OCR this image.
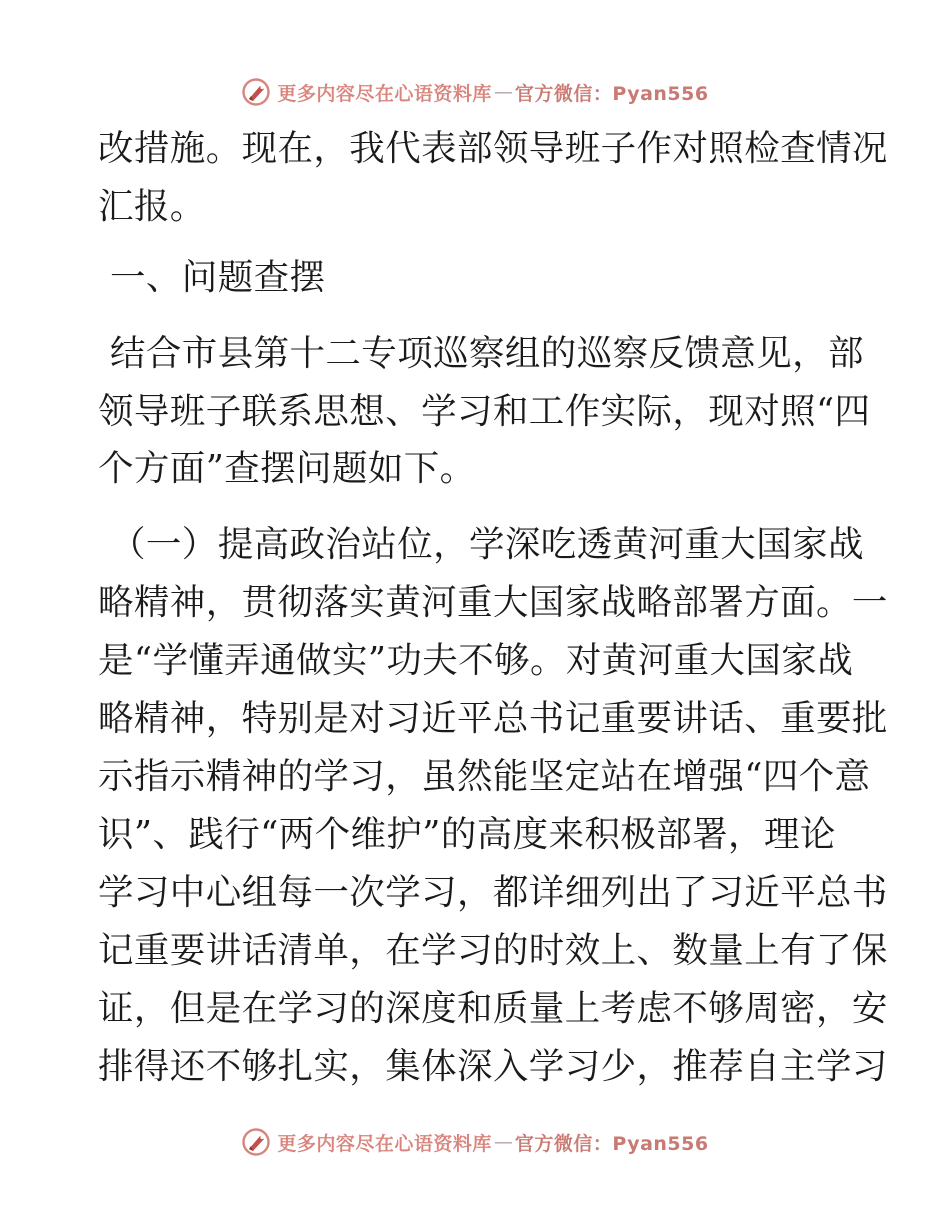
更多内容尽在心语资料库 — 官方微信：Pyan556
改措施。现在，我代表部领导班子作对照检查情况
汇报。
一、问题查摆
结合市县第十二专项巡察组的巡察反馈意见，部
领导班子联系思想、学习和工作实际，现对照“四
个方面”查摆问题如下。
（一）提高政治站位，学深吃透黄河重大国家战
略精神，贯彻落实黄河重大国家战略部署方面。一
是“学懂弄通做实”功夫不够。对黄河重大国家战
略精神，特别是对习近平总书记重要讲话、重要批
示指示精神的学习，虽然能坚定站在增强“四个意
识”、践行“两个维护”的高度来积极部署，理论
学习中心组每一次学习，都详细列出了习近平总书
记重要讲话清单，在学习的时效上、数量上有了保
证，但是在学习的深度和质量上考虑不够周密，安
排得还不够扎实，集体深入学习少，推荐自主学习
更多内容尽在心语资料库 — 官方微信：Pyan556
